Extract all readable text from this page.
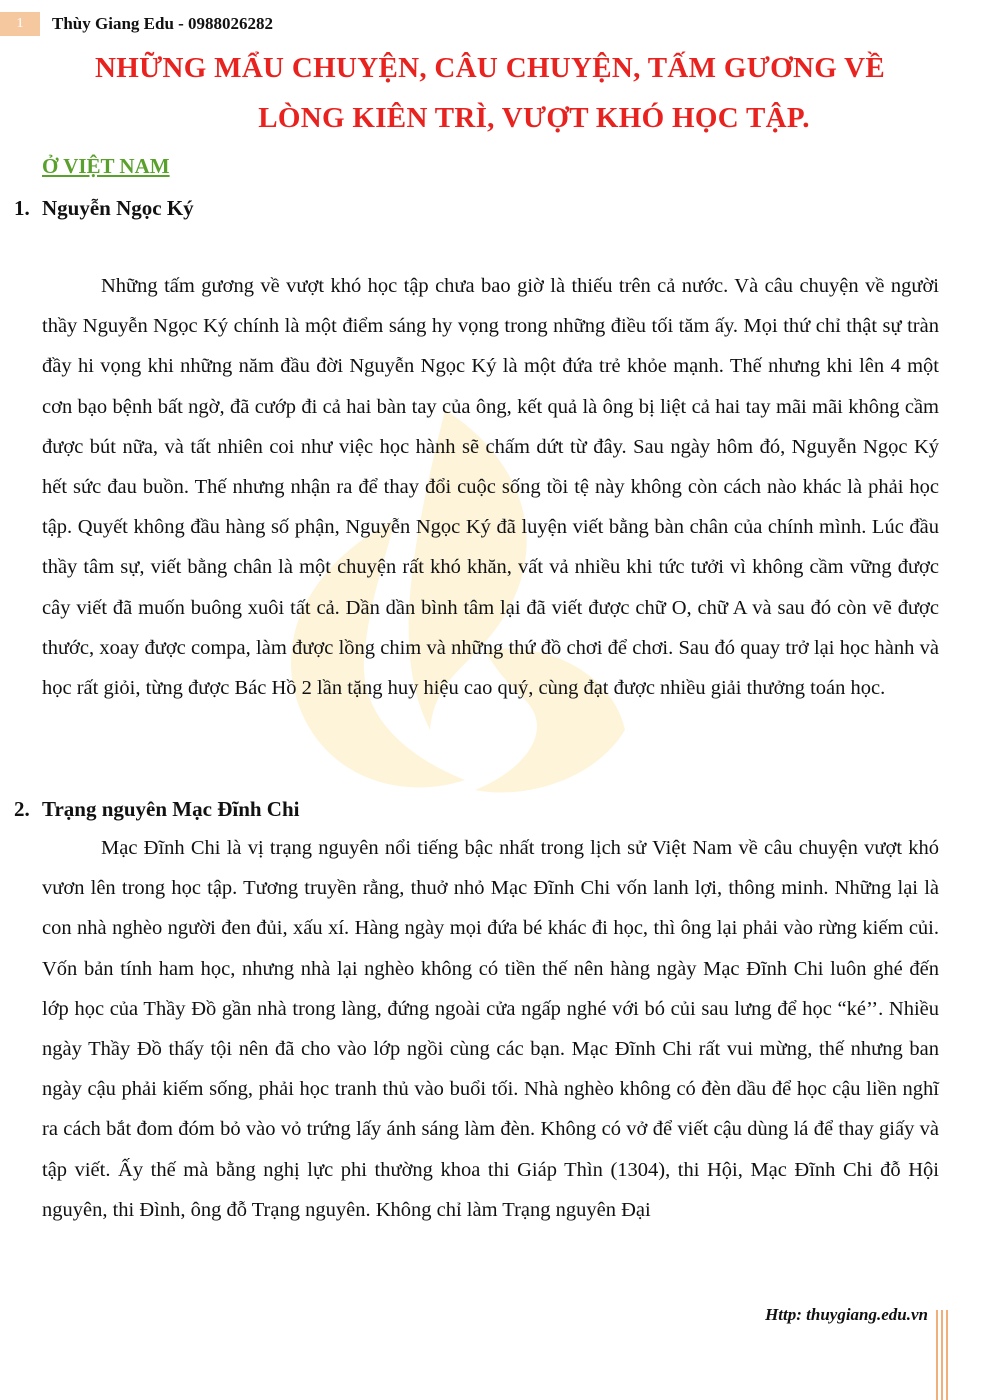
1	Thùy Giang Edu - 0988026282
NHỮNG MẨU CHUYỆN, CÂU CHUYỆN, TẤM GƯƠNG VỀ
LÒNG KIÊN TRÌ, VƯỢT KHÓ HỌC TẬP.
Ở VIỆT NAM
1. Nguyễn Ngọc Ký

Những tấm gương về vượt khó học tập chưa bao giờ là thiếu trên cả nước. Và câu chuyện về người thầy Nguyễn Ngọc Ký chính là một điểm sáng hy vọng trong những điều tối tăm ấy. Mọi thứ chỉ thật sự tràn đầy hi vọng khi những năm đầu đời Nguyễn Ngọc Ký là một đứa trẻ khỏe mạnh. Thế nhưng khi lên 4 một cơn bạo bệnh bất ngờ, đã cướp đi cả hai bàn tay của ông, kết quả là ông bị liệt cả hai tay mãi mãi không cầm được bút nữa, và tất nhiên coi như việc học hành sẽ chấm dứt từ đây. Sau ngày hôm đó, Nguyễn Ngọc Ký hết sức đau buồn. Thế nhưng nhận ra để thay đổi cuộc sống tồi tệ này không còn cách nào khác là phải học tập. Quyết không đầu hàng số phận, Nguyễn Ngọc Ký đã luyện viết bằng bàn chân của chính mình. Lúc đầu thầy tâm sự, viết bằng chân là một chuyện rất khó khăn, vất vả nhiều khi tức tưởi vì không cầm vững được cây viết đã muốn buông xuôi tất cả. Dần dần bình tâm lại đã viết được chữ O, chữ A và sau đó còn vẽ được thước, xoay được compa, làm được lồng chim và những thứ đồ chơi để chơi. Sau đó quay trở lại học hành và học rất giỏi, từng được Bác Hồ 2 lần tặng huy hiệu cao quý, cùng đạt được nhiều giải thưởng toán học.

2. Trạng nguyên Mạc Đĩnh Chi

Mạc Đĩnh Chi là vị trạng nguyên nổi tiếng bậc nhất trong lịch sử Việt Nam về câu chuyện vượt khó vươn lên trong học tập. Tương truyền rằng, thuở nhỏ Mạc Đĩnh Chi vốn lanh lợi, thông minh. Những lại là con nhà nghèo người đen đủi, xấu xí. Hàng ngày mọi đứa bé khác đi học, thì ông lại phải vào rừng kiếm củi. Vốn bản tính ham học, nhưng nhà lại nghèo không có tiền thế nên hàng ngày Mạc Đĩnh Chi luôn ghé đến lớp học của Thầy Đồ gần nhà trong làng, đứng ngoài cửa ngấp nghé với bó củi sau lưng để học “ké’’. Nhiều ngày Thầy Đồ thấy tội nên đã cho vào lớp ngồi cùng các bạn. Mạc Đĩnh Chi rất vui mừng, thế nhưng ban ngày cậu phải kiếm sống, phải học tranh thủ vào buổi tối. Nhà nghèo không có đèn dầu để học cậu liền nghĩ ra cách bắt đom đóm bỏ vào vỏ trứng lấy ánh sáng làm đèn. Không có vở để viết cậu dùng lá để thay giấy và tập viết. Ấy thế mà bằng nghị lực phi thường khoa thi Giáp Thìn (1304), thi Hội, Mạc Đĩnh Chi đỗ Hội nguyên, thi Đình, ông đỗ Trạng nguyên. Không chỉ làm Trạng nguyên Đại

Http: thuygiang.edu.vn
